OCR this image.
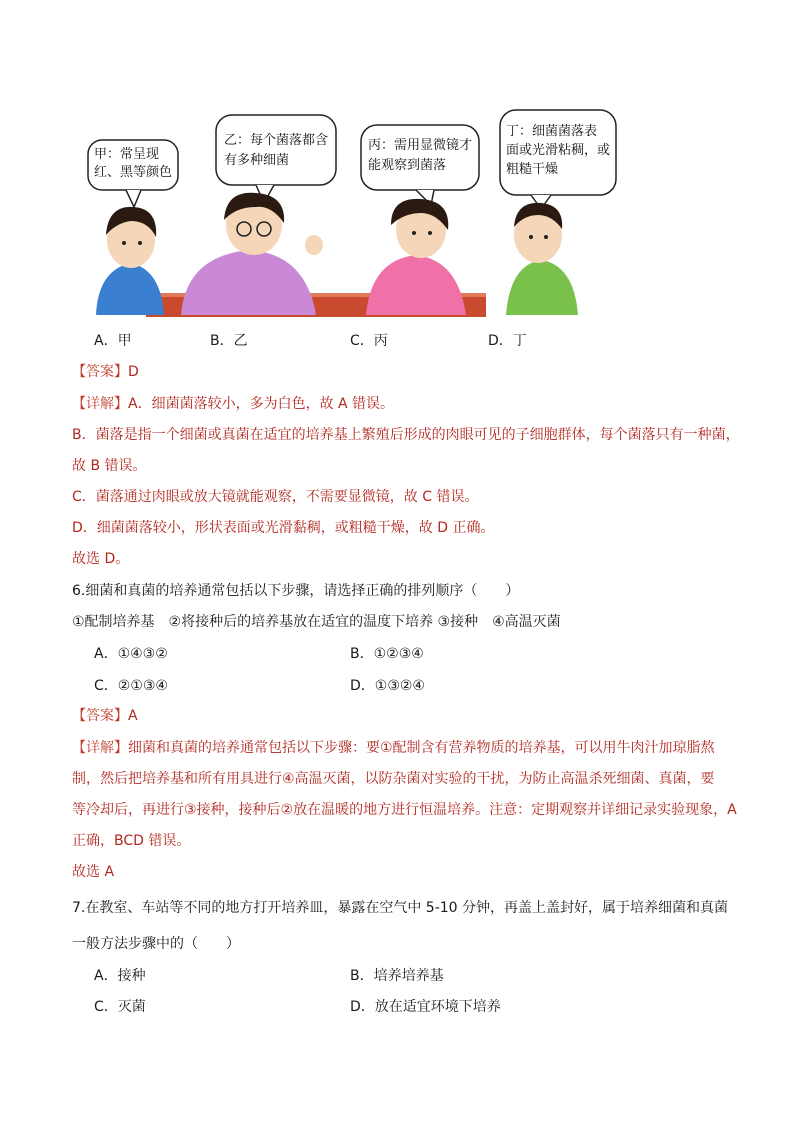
甲：常呈现
红、黑等颜色
乙：每个菌落都含
有多种细菌
丙：需用显微镜才
能观察到菌落
丁：细菌菌落表
面或光滑粘稠，或
粗糙干燥
A．甲	B．乙	C．丙	D．丁
【答案】D
【详解】A．细菌菌落较小，多为白色，故 A 错误。
B．菌落是指一个细菌或真菌在适宜的培养基上繁殖后形成的肉眼可见的子细胞群体，每个菌落只有一种菌，
故 B 错误。
C．菌落通过肉眼或放大镜就能观察，不需要显微镜，故 C 错误。
D．细菌菌落较小，形状表面或光滑黏稠，或粗糙干燥，故 D 正确。
故选 D。
6.细菌和真菌的培养通常包括以下步骤，请选择正确的排列顺序（　　）
①配制培养基　②将接种后的培养基放在适宜的温度下培养 ③接种　④高温灭菌
A．①④③②	B．①②③④
C．②①③④	D．①③②④
【答案】A
【详解】细菌和真菌的培养通常包括以下步骤：要①配制含有营养物质的培养基，可以用牛肉汁加琼脂熬
制，然后把培养基和所有用具进行④高温灭菌，以防杂菌对实验的干扰，为防止高温杀死细菌、真菌，要
等冷却后，再进行③接种，接种后②放在温暖的地方进行恒温培养。注意：定期观察并详细记录实验现象，A
正确，BCD 错误。
故选 A
7.在教室、车站等不同的地方打开培养皿，暴露在空气中 5-10 分钟，再盖上盖封好，属于培养细菌和真菌
一般方法步骤中的（　　）
A．接种	B．培养培养基
C．灭菌	D．放在适宜环境下培养
